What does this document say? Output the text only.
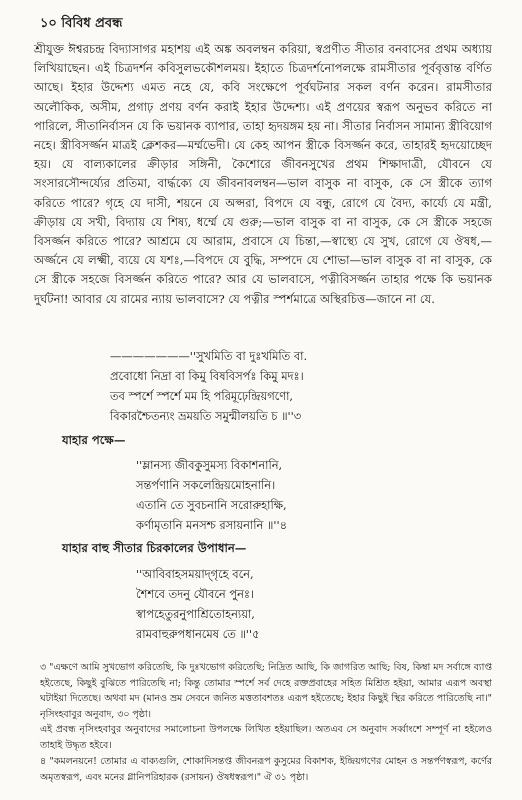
১০ বিবিধ প্রবন্ধ

শ্রীযুক্ত ঈশ্বরচন্দ্র বিদ্যাসাগর মহাশয় এই অঙ্ক অবলম্বন করিয়া, স্বপ্রণীত সীতার বনবাসের প্রথম অধ্যায় লিখিয়াছেন। এই চিত্রদর্শন কবিসুলভকৌশলময়। ইহাতে চিত্রদর্শনোপলক্ষে রামসীতার পূর্ববৃত্তান্ত বর্ণিত আছে। ইহার উদ্দেশ্য এমত নহে যে, কবি সংক্ষেপে পূর্বঘটনার সকল বর্ণন করেন। রামসীতার অলৌকিক, অসীম, প্রগাঢ় প্রণয় বর্ণন করাই ইহার উদ্দেশ্য। এই প্রণয়ের স্বরূপ অনুভব করিতে না পারিলে, সীতানির্বাসন যে কি ভয়ানক ব্যাপার, তাহা হৃদয়ঙ্গম হয় না। সীতার নির্বাসন সামান্য স্ত্রীবিয়োগ নহে। স্ত্রীবিসর্জ্জন মাত্রই ক্লেশকর—মর্ম্মভেদী। যে কেহ আপন স্ত্রীকে বিসর্জ্জন করে, তাহারই হৃদয়োচ্ছেদ হয়। যে বাল্যকালের ক্রীড়ার সঙ্গিনী, কৈশোরে জীবনসুখের প্রথম শিক্ষাদাত্রী, যৌবনে যে সংসারসৌন্দর্য্যের প্রতিমা, বার্দ্ধক্যে যে জীবনাবলম্বন—ভাল বাসুক না বাসুক, কে সে স্ত্রীকে ত্যাগ করিতে পারে? গৃহে যে দাসী, শয়নে যে অপ্সরা, বিপদে যে বন্ধু, রোগে যে বৈদ্য, কার্য্যে যে মন্ত্রী, ক্রীড়ায় যে সখী, বিদ্যায় যে শিষ্য, ধর্ম্মে যে গুরু;—ভাল বাসুক বা না বাসুক, কে সে স্ত্রীকে সহজে বিসর্জ্জন করিতে পারে? আশ্রমে যে আরাম, প্রবাসে যে চিন্তা,—স্বাস্থ্যে যে সুখ, রোগে যে ঔষধ,—অর্জ্জনে যে লক্ষ্মী, ব্যয়ে যে যশঃ,—বিপদে যে বুদ্ধি, সম্পদে যে শোভা—ভাল বাসুক বা না বাসুক, কে সে স্ত্রীকে সহজে বিসর্জ্জন করিতে পারে? আর যে ভালবাসে, পত্নীবিসর্জ্জন তাহার পক্ষে কি ভয়ানক দুর্ঘটনা! আবার যে রামের ন্যায় ভালবাসে? যে পত্নীর স্পর্শমাত্রে অস্থিরচিত্ত—জানে না যে.

———————''সুখমিতি বা দুঃখমিতি বা.
প্রবোধো নিদ্রা বা কিমু বিষবিসর্পঃ কিমু মদঃ।
তব স্পর্শে স্পর্শে মম হি পরিমূঢ়েন্দ্রিয়গণো,
বিকারশ্চৈতন্যং ভ্রময়তি সমুন্মীলয়তি চ ॥''৩
যাহার পক্ষে—
''ম্লানস্য জীবকুসুমস্য বিকাশনানি,
সন্তর্পণানি সকলেন্দ্রিয়মোহনানি।
এতানি তে সুবচনানি সরোরুহাক্ষি,
কর্ণামৃতানি মনসশ্চ রসায়নানি ॥''৪
যাহার বাহু সীতার চিরকালের উপাধান—
''আবিবাহসময়াদ্‌গৃহে বনে,
শৈশবে তদনু যৌবনে পুনঃ।
স্বাপহেতুরনুপাশ্রিতোহন্যয়া,
রামবাহুরুপধানমেষ তে ॥''৫
৩ "এক্ষণে আমি সুখভোগ করিতেছি, কি দুঃখভোগ করিতেছি; নিদ্রিত আছি, কি জাগরিত আছি; বিষ, কিম্বা মদ সর্বাঙ্গে ব্যাপ্ত হইতেছে, কিছুই বুঝিতে পারিতেছি না; কিন্তু তোমার স্পর্শে সর্ব দেহে রক্তপ্রবাহের সহিত মিশ্রিত হইয়া, আমার এরূপ অবস্থা ঘটাইয়া দিতেছে। অথবা মদ (মানও ভ্রম সেবনে জনিত মত্ততাবশতঃ এরূপ হইতেছে; ইহার কিছুই স্থির করিতে পারিতেছি না।" নৃসিংহবাবুর অনুবাদ, ৩০ পৃষ্ঠা।
এই প্রবন্ধ নৃসিংহবাবুর অনুবাদের সমালোচনা উপলক্ষে লিখিত হইয়াছিল। অতএব সে অনুবাদ সর্ব্বাংশে সম্পূর্ণ না হইলেও তাহাই উদ্ধৃত হইবে।
৪ "কমলনয়নে! তোমার এ বাক্যগুলি, শোকাদিসন্তপ্ত জীবনরূপ কুসুমের বিকাশক, ইন্দ্রিয়গণের মোহন ও সন্তর্পণস্বরূপ, কর্ণের অমৃতস্বরূপ, এবং মনের গ্লানিপরিহারক (রসায়ন) ঔষধস্বরূপ।" ঐ ৩১ পৃষ্ঠা।
